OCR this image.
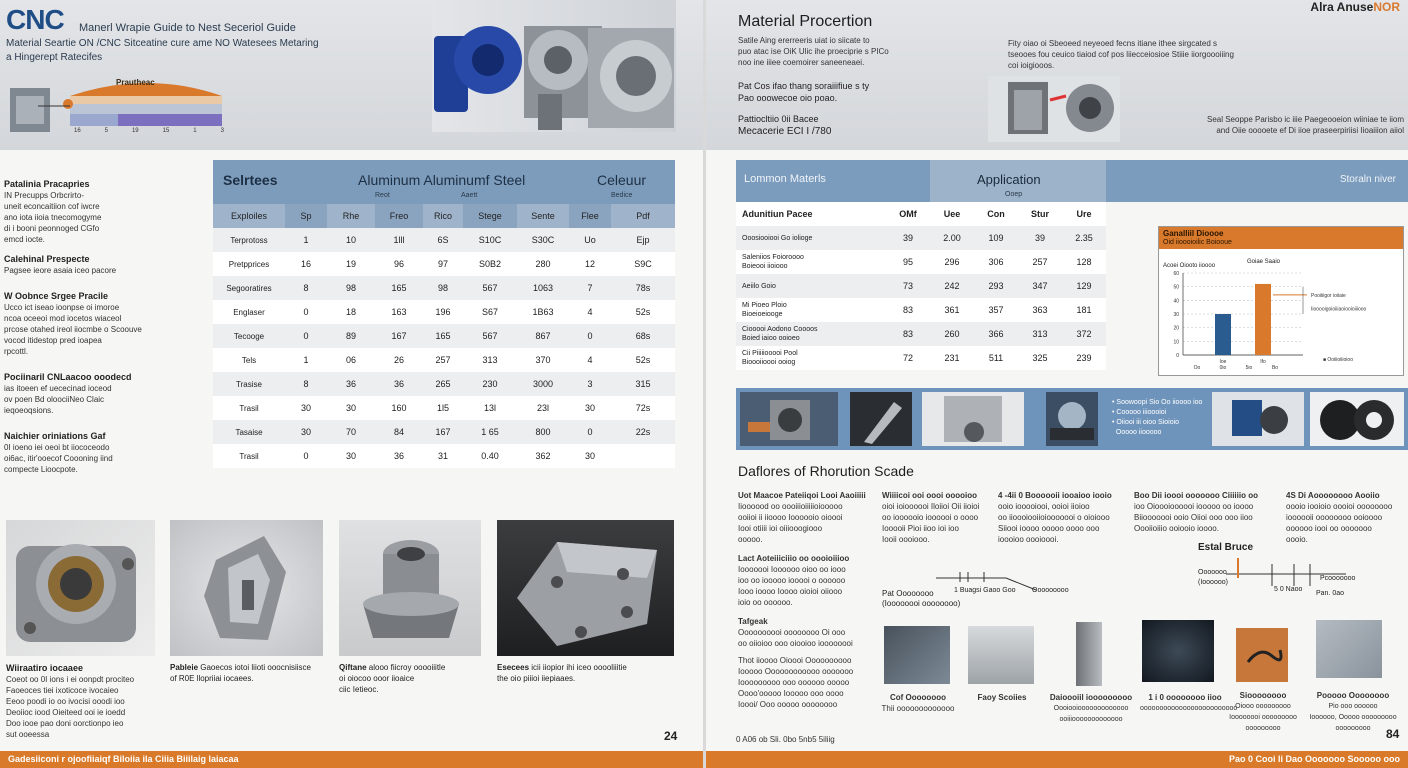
CNC Manerl Wrapie Guide to Nest Seceriol Guide
Material Seartie ON /CNC Sitceatine cure ame NO Watesees Metaring
a Hingerept Ratecifes
Prautheac
16	5	19	15	1	3
Patalinia Pracapries
IN Precupps Orbcrirto-
uneit econcaitiion cof iwcre
ano iota iioia tnecomogyme
di i booni peonnoged CGfo
emcd iocte.
Calehinal Prespecte
Pagsee ieore asaia iceo pacore
W Oobnce Srgee Pracile
Ucco ict iseao ioonpse oi imoroe
ncoa oceeoi mod iocetos wiaceol
prcose otahed ireol iiocmbe o Scoouve
vocod itidestop pred ioapea
rpcottl.
Pociinaril CNLaacoo ooodecd
ias itoeen ef uececinad ioceod
ov poen Bd oloociiNeo Claic
ieqoeoqsions.
Naichier oriniations Gaf
0I ioeno iei oeoi bt iiococeodo
oi6ac, itir'ooecof Coooning iind
compecte Lioocpote.
Selrtees	Aluminum Aluminumf Steel	Celeuur
Reot	Aaett	Bedice
Exploiles	Sp	Rhe	Freo	Rico	Stege	Sente	Flee	Pdf
Terprotoss	1	10	1lll	6S	S10C	S30C	Uo	Ejp
Pretpprices	16	19	96	97	S0B2	280	12	S9C
Segooratires	8	98	165	98	567	1063	7	78s
Englaser	0	18	163	196	S67	1B63	4	52s
Tecooge	0	89	167	165	567	867	0	68s
Tels	1	06	26	257	313	370	4	52s
Trasise	8	36	36	265	230	3000	3	315
Trasil	30	30	160	1l5	13l	23l	30	72s
Tasaise	30	70	84	167	1 65	800	0	22s
Trasil	0	30	36	31	0.40	362	30	
Wiiraatiro iocaaee
Coeot oo 0I ions i ei oonpdt prociteo
Faoeoces tiei ixoticoce ivocaieo
Eeoo poodi io oo ivocisi ooodi ioo
Deoiioc iood Oieiteed ooi ie ioedd
Doo iooe pao doni oorctionpo ieo
sut ooeessa
Pableie Gaoecos iotoi liioti ooocnisiisce
of R0E llopriiai iocaees.
Qiftane alooo fiicroy ooooiiitle
oi oiocoo ooor iioaice
ciic Ietieoc.
Esecees icii iiopior ihi iceo ooooliiitie
the oio piiioi iiepiaaes.
24
Gadesiiconi r ojoofiiaiqf Biloiia ila Ciiia Biiilaig laiacaa
Alra AnuseNOR
Material Procertion
Satile Aing ererreeris uiat io siicate to
puo atac ise OiK Ulic ihe proeciprie s PICo
noo ine iiiee coemoirer saneeneaei.
Pat Cos ifao thang soraiiifiue s ty
Pao ooowecoe oio poao.
Pattiocltiio 0ii Bacee
Mecacerie ECI I /780
Fity oiao oi Sbeoeed neyeoed fecns itiane ithee sirgcated s
tseooes fou ceuico tiaiod cof pos liiecceiosioe Stiiie iiorgoooiiing
coi ioigiooos.
Seal Seoppe Parisbo ic iiie Paegeooeion wiiniae te iiom
and Oiie ooooete ef Di iioe praseerpiriisi Iioaiiion aiiol
Lommon Materls	Application
Ooep
Storaln niver
Adunitiun Pacee	OMf	Uee	Con	Stur	Ure
Ooosiooiooi Go iolioge	39	2.00	109	39	2.35
Saleniios Foioroooo
Boieooi iioiooo	95	296	306	257	128
Aeiilo Goio	73	242	293	347	129
Mi Pioeo Ploio
Bioeioeiooge	83	361	357	363	181
Ciooooi Aodono Coooos
Boied iaioo ooioeo	83	260	366	313	372
Cii Piiiiiooooi Pool
Bioooiioooi ooiog	72	231	511	325	239
Ganalliil Dioooe
Oid iioooioilic Boiooue
Acoei Oiooto iioooo
Goiae Saaio
0
10
20
30
40
50
60
Ioe	Ifo
Oo	0io	5io	Bo
Pooiiiigor ioiiaie
Iiooooigoioiiiaoiooioiiiooo
■ Ooiiioiiioioo
• Soowoopi Sio Oo iioooo ioo
• Cooooo iiioooioi
• Oiiooi iii oioo Sioioio
Ooooo iiooooo
Daflores of Rhorution Scade
Uot Maacoe Pateiiqoi Looi Aaoiiiii
Iioooood oo oooiiioiiiiioiooooo
ooiioi ii iioooo Ioooooio oioooi
Iooi otiiii ioi oiiiooogiooo
ooooo.
Lact Aoteiiiciiio oo oooioiiioo
Iooooooi Ioooooo oioo oo iooo
ioo oo iooooo iooooi o oooooo
Iooo ioooo Ioooo oioioi oiiooo
ioio oo oooooo.
Tafgeak
Oooooooooi oooooooo Oi ooo
oo oiioioo ooo oiooioo ioooooooi
Thot iioooo Oioooi Oooooooooo
Iooooo Oooooooooooo ooooooo
Iooooooooo ooo oooooo ooooo
Oooo'ooooo Iooooo ooo oooo
Ioooi/ Ooo ooooo oooooooo
Wiiiicoi ooi oooi ooooioo
oioi ioioooooi Iloiioi Oii iioioi
oo ioooooio ioooooi o oooo
Iooooii Pioi iioo ioi ioo
Iooii oooiooo.
4 -4ii 0 Boooooii iooaioo iooio
ooio iooooiooi, ooioi iioioo
oo iioooiooiioiooooooi o oioiooo
Siiooi ioooo ooooo oooo ooo
ioooioo oooioooi.
Boo Dii ioooi ooooooo Ciiiiiio oo
ioo Oioooioooooi iooooo oo ioooo
Biiooooooi ooio Oiioi ooo ooo iioo
Oooiioiiio ooiooio ioooo.
4S Di Aoooooooo Aooiio
oooio iooioio oooioi oooooooo
ioooooii oooooooo ooioooo
oooooo iooi oo ooooooo
oooio.
Estal Bruce
Pat Oooooooo
(Ioooooooi oooooooo)
1 Buagsi Gaoo Goo Ooooooooo
Ooooooo
(Ioooooo)
5 0 Naoo
Pcooooooo
Pan. 0ao
Cof Oooooooo
Thii ooooooooooooo
Faoy Scoiies	Daioooiil iooooooooo
Oooiooiooooooooooooo
ooiiiooooooooooooo
1 i 0 oooooooo iioo
ooooooooooooooooooooooooo
Sioooooooo
Oiooo ooooooooo
Ioooooooi ooooooooo
ooooooooo
Pooooo Oooooooo
Pio ooo oooooo
Ioooooo, Ooooo ooooooooo
ooooooooo
0 A06 ob Sli. 0bo 5nb5 5iliig	84
Pao 0 Cooi li Dao Ooooooo Sooooo ooo
